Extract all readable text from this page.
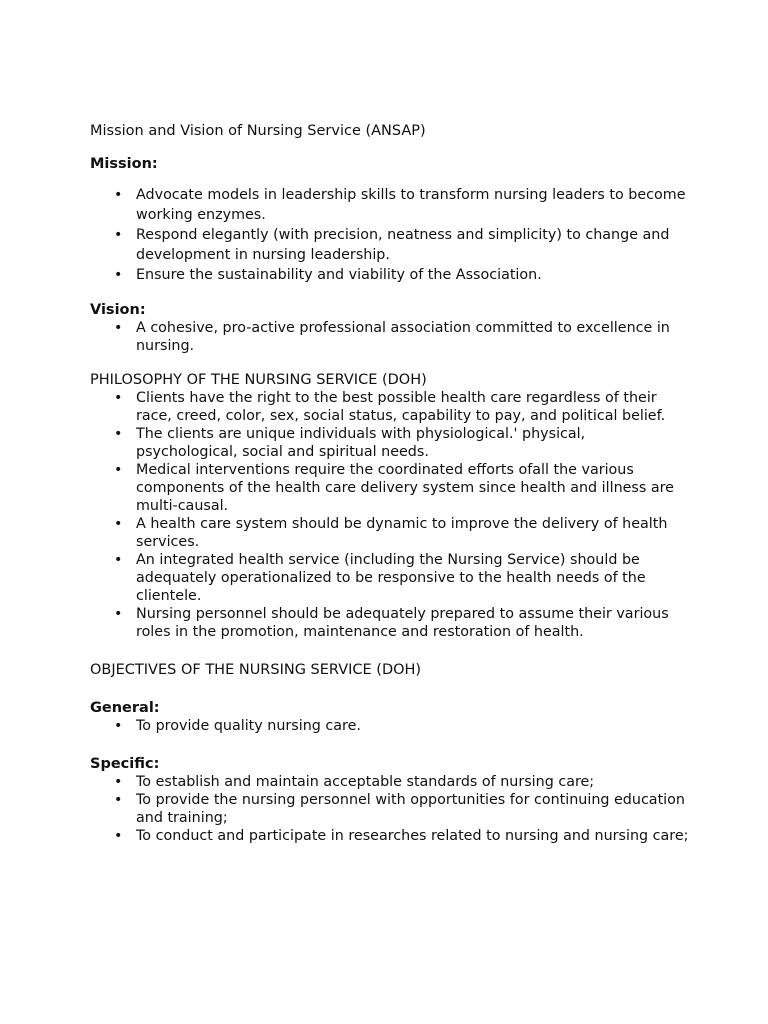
Mission and Vision of Nursing Service (ANSAP)

Mission:

• Advocate models in leadership skills to transform nursing leaders to become working enzymes.
• Respond elegantly (with precision, neatness and simplicity) to change and development in nursing leadership.
• Ensure the sustainability and viability of the Association.

Vision:

• A cohesive, pro-active professional association committed to excellence in nursing.

PHILOSOPHY OF THE NURSING SERVICE (DOH)

• Clients have the right to the best possible health care regardless of their race, creed, color, sex, social status, capability to pay, and political belief.
• The clients are unique individuals with physiological.' physical, psychological, social and spiritual needs.
• Medical interventions require the coordinated efforts ofall the various components of the health care delivery system since health and illness are multi-causal.
• A health care system should be dynamic to improve the delivery of health services.
• An integrated health service (including the Nursing Service) should be adequately operationalized to be responsive to the health needs of the clientele.
• Nursing personnel should be adequately prepared to assume their various roles in the promotion, maintenance and restoration of health.

OBJECTIVES OF THE NURSING SERVICE (DOH)

General:

• To provide quality nursing care.

Specific:

• To establish and maintain acceptable standards of nursing care;
• To provide the nursing personnel with opportunities for continuing education and training;
• To conduct and participate in researches related to nursing and nursing care;
